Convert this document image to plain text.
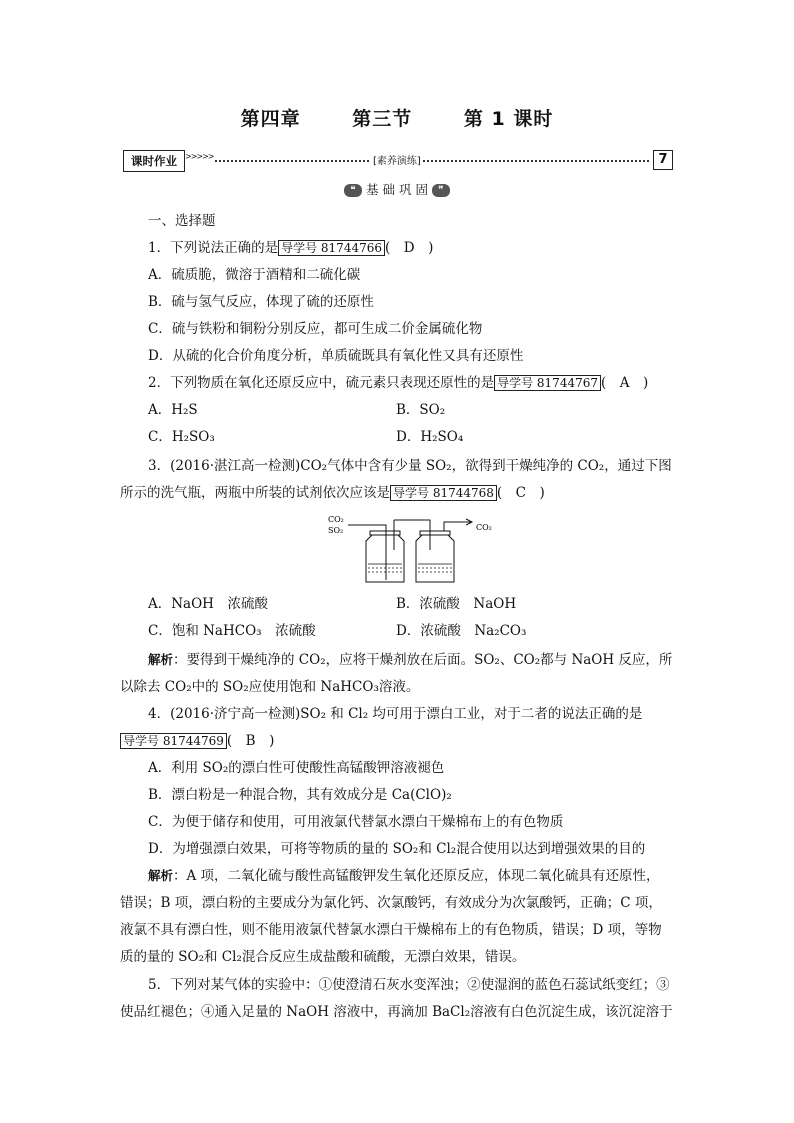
第四章	第三节	第 1 课时
课时作业	>>>>>	[素养演练]	7
❝ 基 础 巩 固 ❞
一、选择题
1．下列说法正确的是 导学号 81744766 (　D　)
A．硫质脆，微溶于酒精和二硫化碳
B．硫与氢气反应，体现了硫的还原性
C．硫与铁粉和铜粉分别反应，都可生成二价金属硫化物
D．从硫的化合价角度分析，单质硫既具有氧化性又具有还原性
2．下列物质在氧化还原反应中，硫元素只表现还原性的是 导学号 81744767 (　A　)
A．H₂S	B．SO₂
C．H₂SO₃	D．H₂SO₄
3．(2016·湛江高一检测)CO₂气体中含有少量 SO₂，欲得到干燥纯净的 CO₂，通过下图
所示的洗气瓶，两瓶中所装的试剂依次应该是 导学号 81744768 (　C　)
CO₂
SO₂	CO₂
A．NaOH　浓硫酸	B．浓硫酸　NaOH
C．饱和 NaHCO₃　浓硫酸	D．浓硫酸　Na₂CO₃
解析：要得到干燥纯净的 CO₂，应将干燥剂放在后面。SO₂、CO₂都与 NaOH 反应，所
以除去 CO₂中的 SO₂应使用饱和 NaHCO₃溶液。
4．(2016·济宁高一检测)SO₂ 和 Cl₂ 均可用于漂白工业，对于二者的说法正确的是
导学号 81744769 (　B　)
A．利用 SO₂的漂白性可使酸性高锰酸钾溶液褪色
B．漂白粉是一种混合物，其有效成分是 Ca(ClO)₂
C．为便于储存和使用，可用液氯代替氯水漂白干燥棉布上的有色物质
D．为增强漂白效果，可将等物质的量的 SO₂和 Cl₂混合使用以达到增强效果的目的
解析：A 项，二氧化硫与酸性高锰酸钾发生氧化还原反应，体现二氧化硫具有还原性，
错误；B 项，漂白粉的主要成分为氯化钙、次氯酸钙，有效成分为次氯酸钙，正确；C 项，
液氯不具有漂白性，则不能用液氯代替氯水漂白干燥棉布上的有色物质，错误；D 项，等物
质的量的 SO₂和 Cl₂混合反应生成盐酸和硫酸，无漂白效果，错误。
5．下列对某气体的实验中：①使澄清石灰水变浑浊；②使湿润的蓝色石蕊试纸变红；③
使品红褪色；④通入足量的 NaOH 溶液中，再滴加 BaCl₂溶液有白色沉淀生成，该沉淀溶于
